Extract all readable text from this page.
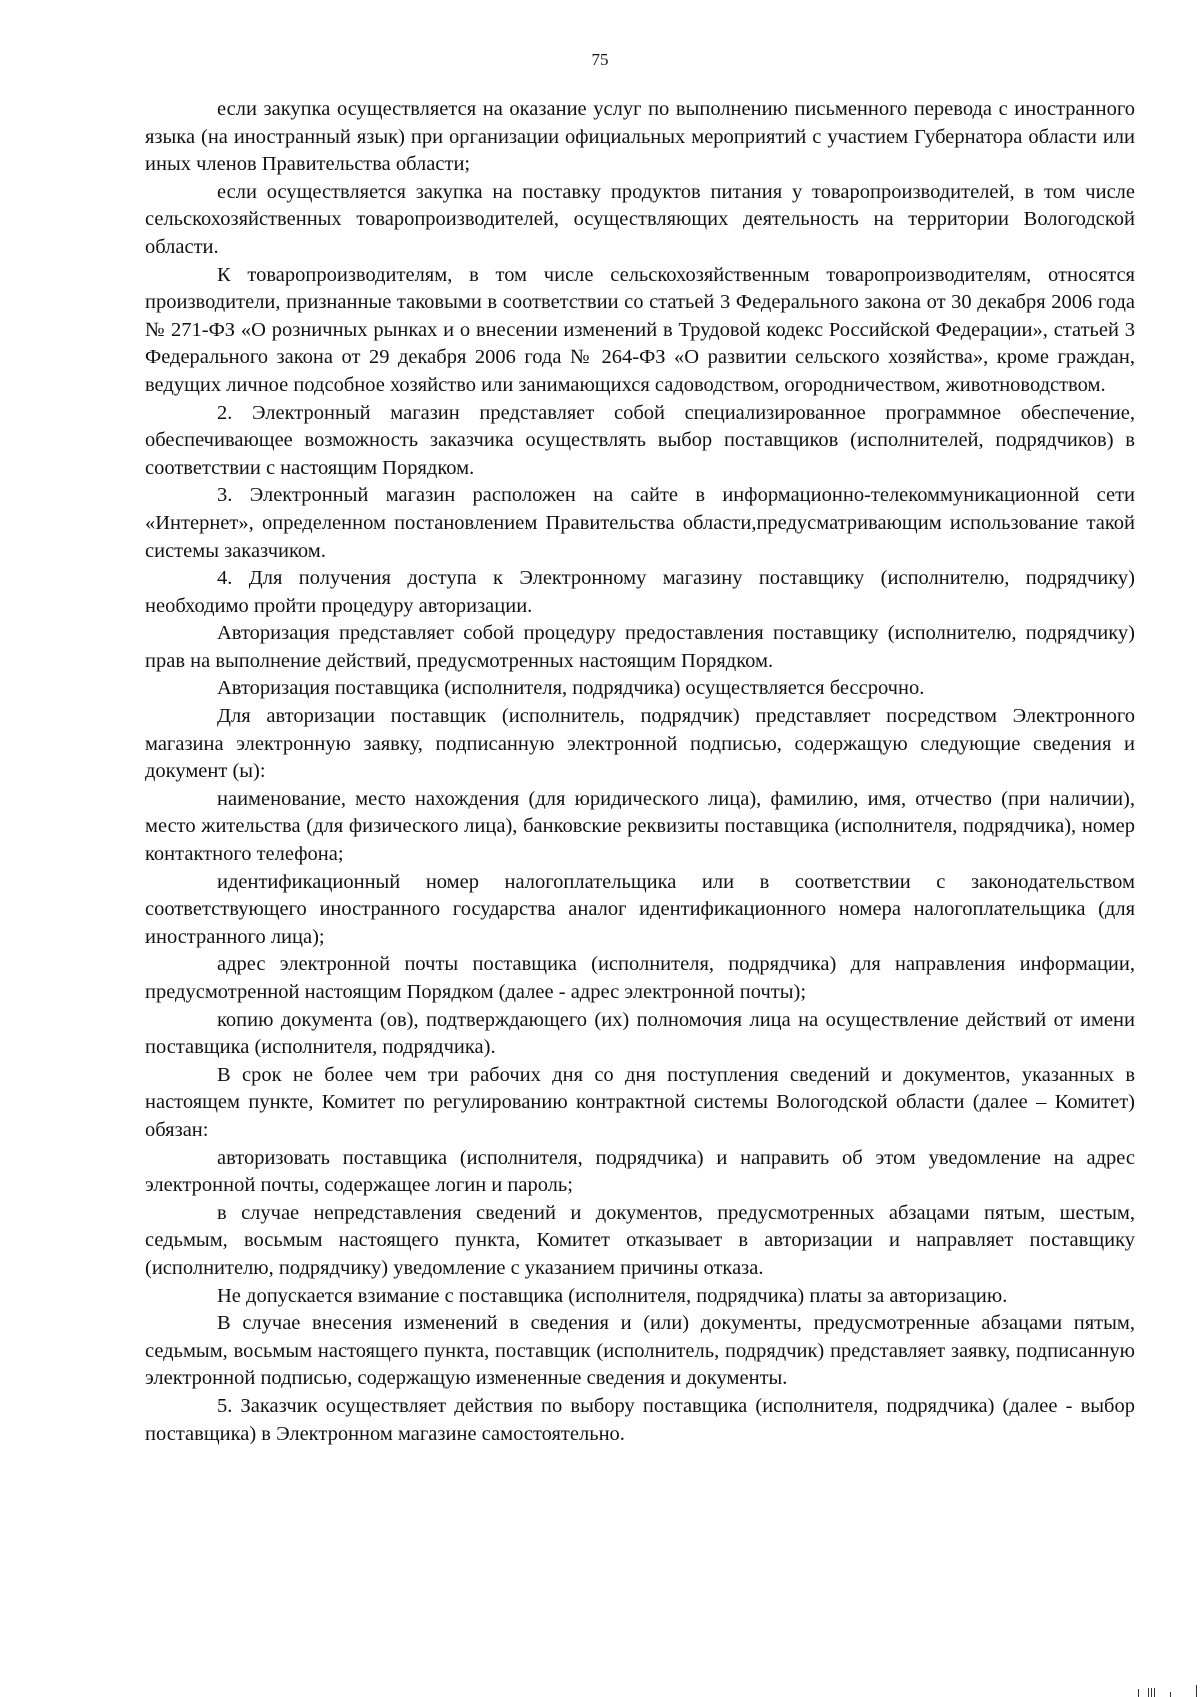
75

если закупка осуществляется на оказание услуг по выполнению письменного перевода с иностранного языка (на иностранный язык) при организации официальных мероприятий с участием Губернатора области или иных членов Правительства области;

если осуществляется закупка на поставку продуктов питания у товаропроизводителей, в том числе сельскохозяйственных товаропроизводителей, осуществляющих деятельность на территории Вологодской области.

К товаропроизводителям, в том числе сельскохозяйственным товаропроизводителям, относятся производители, признанные таковыми в соответствии со статьей 3 Федерального закона от 30 декабря 2006 года № 271-ФЗ «О розничных рынках и о внесении изменений в Трудовой кодекс Российской Федерации», статьей 3 Федерального закона от 29 декабря 2006 года № 264-ФЗ «О развитии сельского хозяйства», кроме граждан, ведущих личное подсобное хозяйство или занимающихся садоводством, огородничеством, животноводством.

2. Электронный магазин представляет собой специализированное программное обеспечение, обеспечивающее возможность заказчика осуществлять выбор поставщиков (исполнителей, подрядчиков) в соответствии с настоящим Порядком.

3. Электронный магазин расположен на сайте в информационно-телекоммуникационной сети «Интернет», определенном постановлением Правительства области,предусматривающим использование такой системы заказчиком.

4. Для получения доступа к Электронному магазину поставщику (исполнителю, подрядчику) необходимо пройти процедуру авторизации.

Авторизация представляет собой процедуру предоставления поставщику (исполнителю, подрядчику) прав на выполнение действий, предусмотренных настоящим Порядком.

Авторизация поставщика (исполнителя, подрядчика) осуществляется бессрочно.

Для авторизации поставщик (исполнитель, подрядчик) представляет посредством Электронного магазина электронную заявку, подписанную электронной подписью, содержащую следующие сведения и документ (ы):

наименование, место нахождения (для юридического лица), фамилию, имя, отчество (при наличии), место жительства (для физического лица), банковские реквизиты поставщика (исполнителя, подрядчика), номер контактного телефона;

идентификационный номер налогоплательщика или в соответствии с законодательством соответствующего иностранного государства аналог идентификационного номера налогоплательщика (для иностранного лица);

адрес электронной почты поставщика (исполнителя, подрядчика) для направления информации, предусмотренной настоящим Порядком (далее - адрес электронной почты);

копию документа (ов), подтверждающего (их) полномочия лица на осуществление действий от имени поставщика (исполнителя, подрядчика).

В срок не более чем три рабочих дня со дня поступления сведений и документов, указанных в настоящем пункте, Комитет по регулированию контрактной системы Вологодской области (далее – Комитет) обязан:

авторизовать поставщика (исполнителя, подрядчика) и направить об этом уведомление на адрес электронной почты, содержащее логин и пароль;

в случае непредставления сведений и документов, предусмотренных абзацами пятым, шестым, седьмым, восьмым настоящего пункта, Комитет отказывает в авторизации и направляет поставщику (исполнителю, подрядчику) уведомление с указанием причины отказа.

Не допускается взимание с поставщика (исполнителя, подрядчика) платы за авторизацию.

В случае внесения изменений в сведения и (или) документы, предусмотренные абзацами пятым, седьмым, восьмым настоящего пункта, поставщик (исполнитель, подрядчик) представляет заявку, подписанную электронной подписью, содержащую измененные сведения и документы.

5. Заказчик осуществляет действия по выбору поставщика (исполнителя, подрядчика) (далее - выбор поставщика) в Электронном магазине самостоятельно.
